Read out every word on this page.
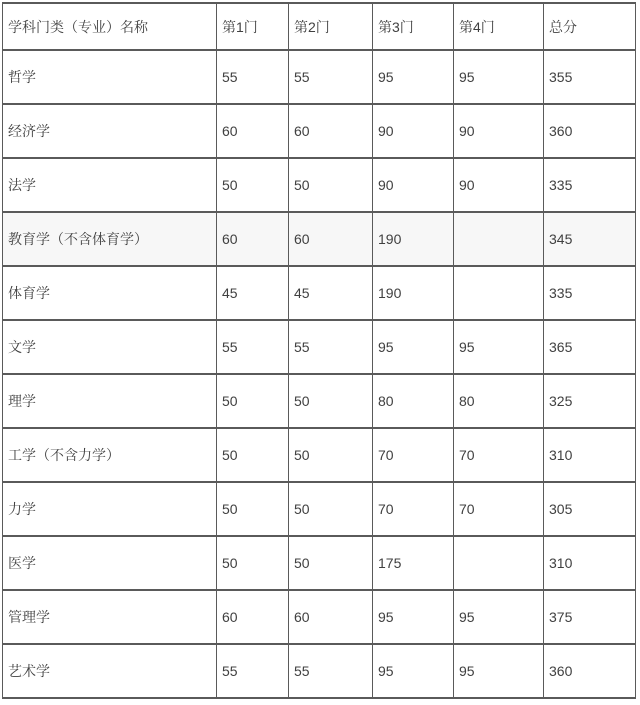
学科门类（专业）名称	第1门	第2门	第3门	第4门	总分
哲学	55	55	95	95	355
经济学	60	60	90	90	360
法学	50	50	90	90	335
教育学（不含体育学）	60	60	190		345
体育学	45	45	190		335
文学	55	55	95	95	365
理学	50	50	80	80	325
工学（不含力学）	50	50	70	70	310
力学	50	50	70	70	305
医学	50	50	175		310
管理学	60	60	95	95	375
艺术学	55	55	95	95	360
